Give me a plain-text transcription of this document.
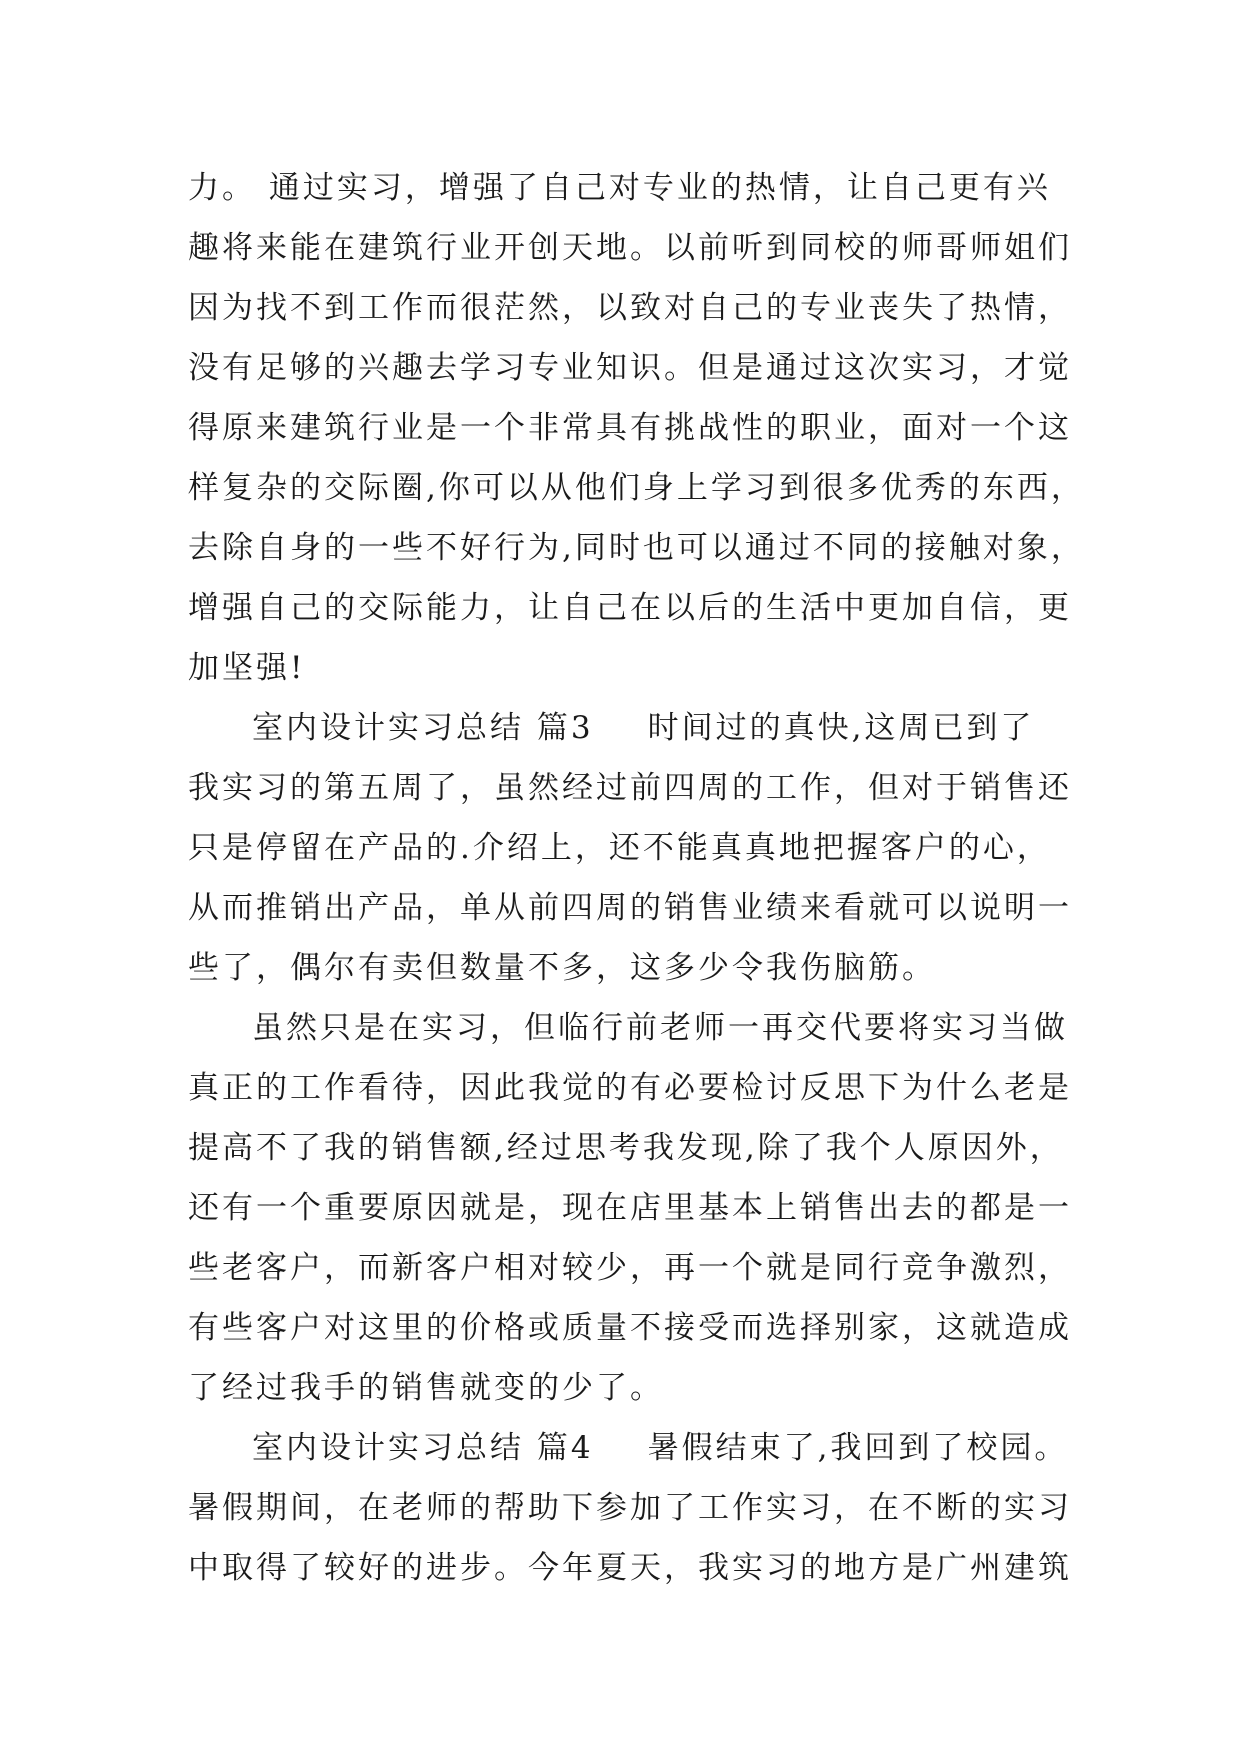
力。 通过实习，增强了自己对专业的热情，让自己更有兴
趣将来能在建筑行业开创天地。以前听到同校的师哥师姐们
因为找不到工作而很茫然，以致对自己的专业丧失了热情，
没有足够的兴趣去学习专业知识。但是通过这次实习，才觉
得原来建筑行业是一个非常具有挑战性的职业，面对一个这
样复杂的交际圈,你可以从他们身上学习到很多优秀的东西，
去除自身的一些不好行为,同时也可以通过不同的接触对象，
增强自己的交际能力，让自己在以后的生活中更加自信，更
加坚强!
室内设计实习总结 篇3 时间过的真快,这周已到了
我实习的第五周了，虽然经过前四周的工作，但对于销售还
只是停留在产品的.介绍上，还不能真真地把握客户的心，
从而推销出产品，单从前四周的销售业绩来看就可以说明一
些了，偶尔有卖但数量不多，这多少令我伤脑筋。
虽然只是在实习，但临行前老师一再交代要将实习当做
真正的工作看待，因此我觉的有必要检讨反思下为什么老是
提高不了我的销售额,经过思考我发现,除了我个人原因外，
还有一个重要原因就是，现在店里基本上销售出去的都是一
些老客户，而新客户相对较少，再一个就是同行竞争激烈，
有些客户对这里的价格或质量不接受而选择别家，这就造成
了经过我手的销售就变的少了。
室内设计实习总结 篇4 暑假结束了,我回到了校园。
暑假期间，在老师的帮助下参加了工作实习，在不断的实习
中取得了较好的进步。今年夏天，我实习的地方是广州建筑
